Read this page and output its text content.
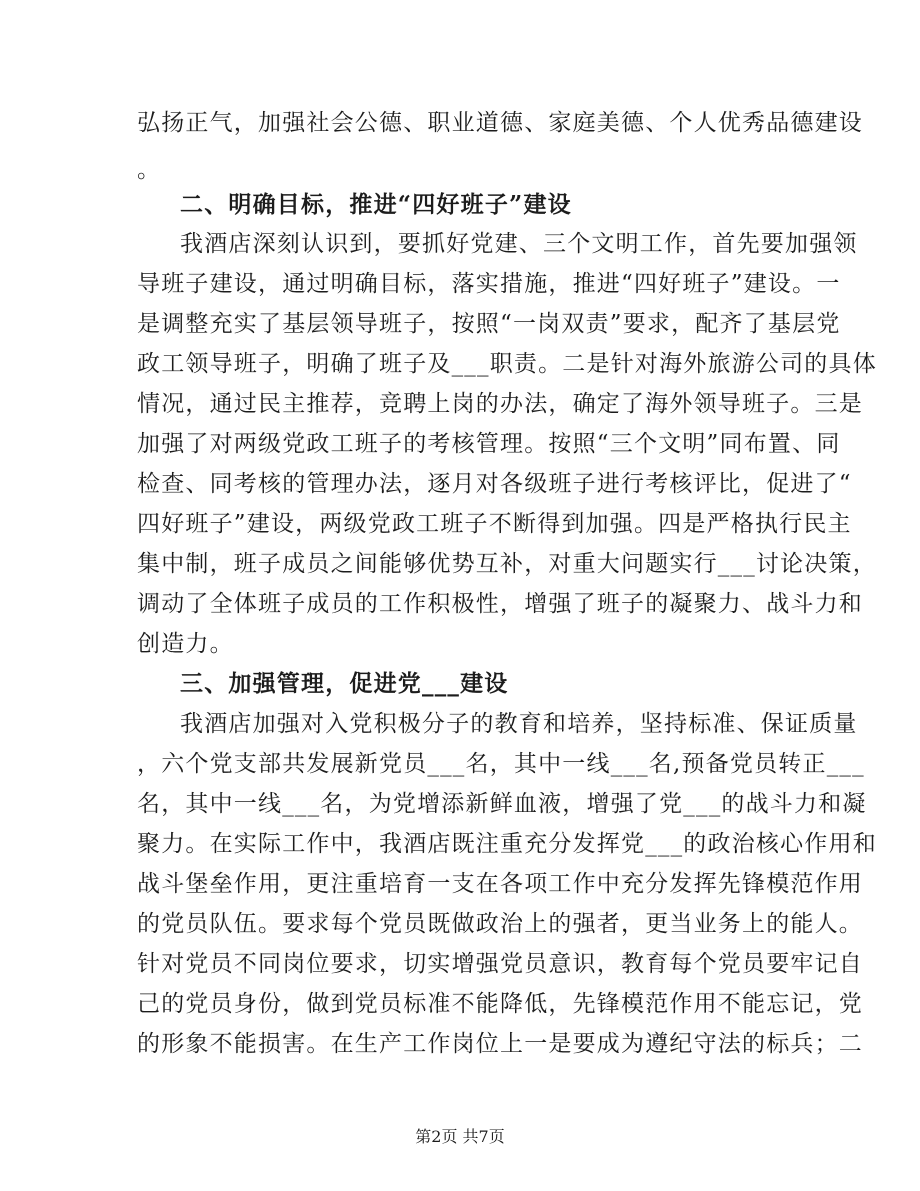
弘扬正气，加强社会公德、职业道德、家庭美德、个人优秀品德建设
。
二、明确目标，推进“四好班子”建设
我酒店深刻认识到，要抓好党建、三个文明工作，首先要加强领
导班子建设，通过明确目标，落实措施，推进“四好班子”建设。一
是调整充实了基层领导班子，按照“一岗双责”要求，配齐了基层党
政工领导班子，明确了班子及___职责。二是针对海外旅游公司的具体
情况，通过民主推荐，竞聘上岗的办法，确定了海外领导班子。三是
加强了对两级党政工班子的考核管理。按照“三个文明”同布置、同
检查、同考核的管理办法，逐月对各级班子进行考核评比，促进了“
四好班子”建设，两级党政工班子不断得到加强。四是严格执行民主
集中制，班子成员之间能够优势互补，对重大问题实行___讨论决策，
调动了全体班子成员的工作积极性，增强了班子的凝聚力、战斗力和
创造力。
三、加强管理，促进党___建设
我酒店加强对入党积极分子的教育和培养，坚持标准、保证质量
，六个党支部共发展新党员___名，其中一线___名,预备党员转正___
名，其中一线___名，为党增添新鲜血液，增强了党___的战斗力和凝
聚力。在实际工作中，我酒店既注重充分发挥党___的政治核心作用和
战斗堡垒作用，更注重培育一支在各项工作中充分发挥先锋模范作用
的党员队伍。要求每个党员既做政治上的强者，更当业务上的能人。
针对党员不同岗位要求，切实增强党员意识，教育每个党员要牢记自
己的党员身份，做到党员标准不能降低，先锋模范作用不能忘记，党
的形象不能损害。在生产工作岗位上一是要成为遵纪守法的标兵；二
第2页 共7页
